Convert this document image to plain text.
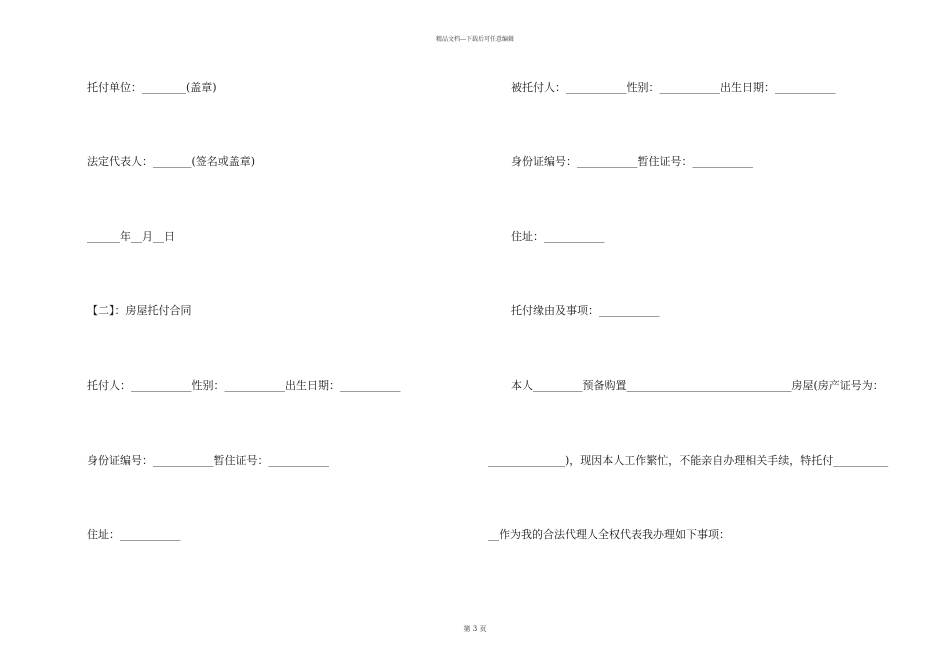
精品文档---下载后可任意编辑
托付单位：________(盖章)
法定代表人：_______(签名或盖章)
______年__月__日
【二】：房屋托付合同
托付人：___________性别：___________出生日期：___________
身份证编号：___________暂住证号：___________
住址：___________
被托付人：___________性别：___________出生日期：___________
身份证编号：___________暂住证号：___________
住址：___________
托付缘由及事项：___________
本人_________预备购置______________________________房屋(房产证号为：
______________)，现因本人工作繁忙，不能亲自办理相关手续，特托付__________
__作为我的合法代理人全权代表我办理如下事项：
第 3 页
